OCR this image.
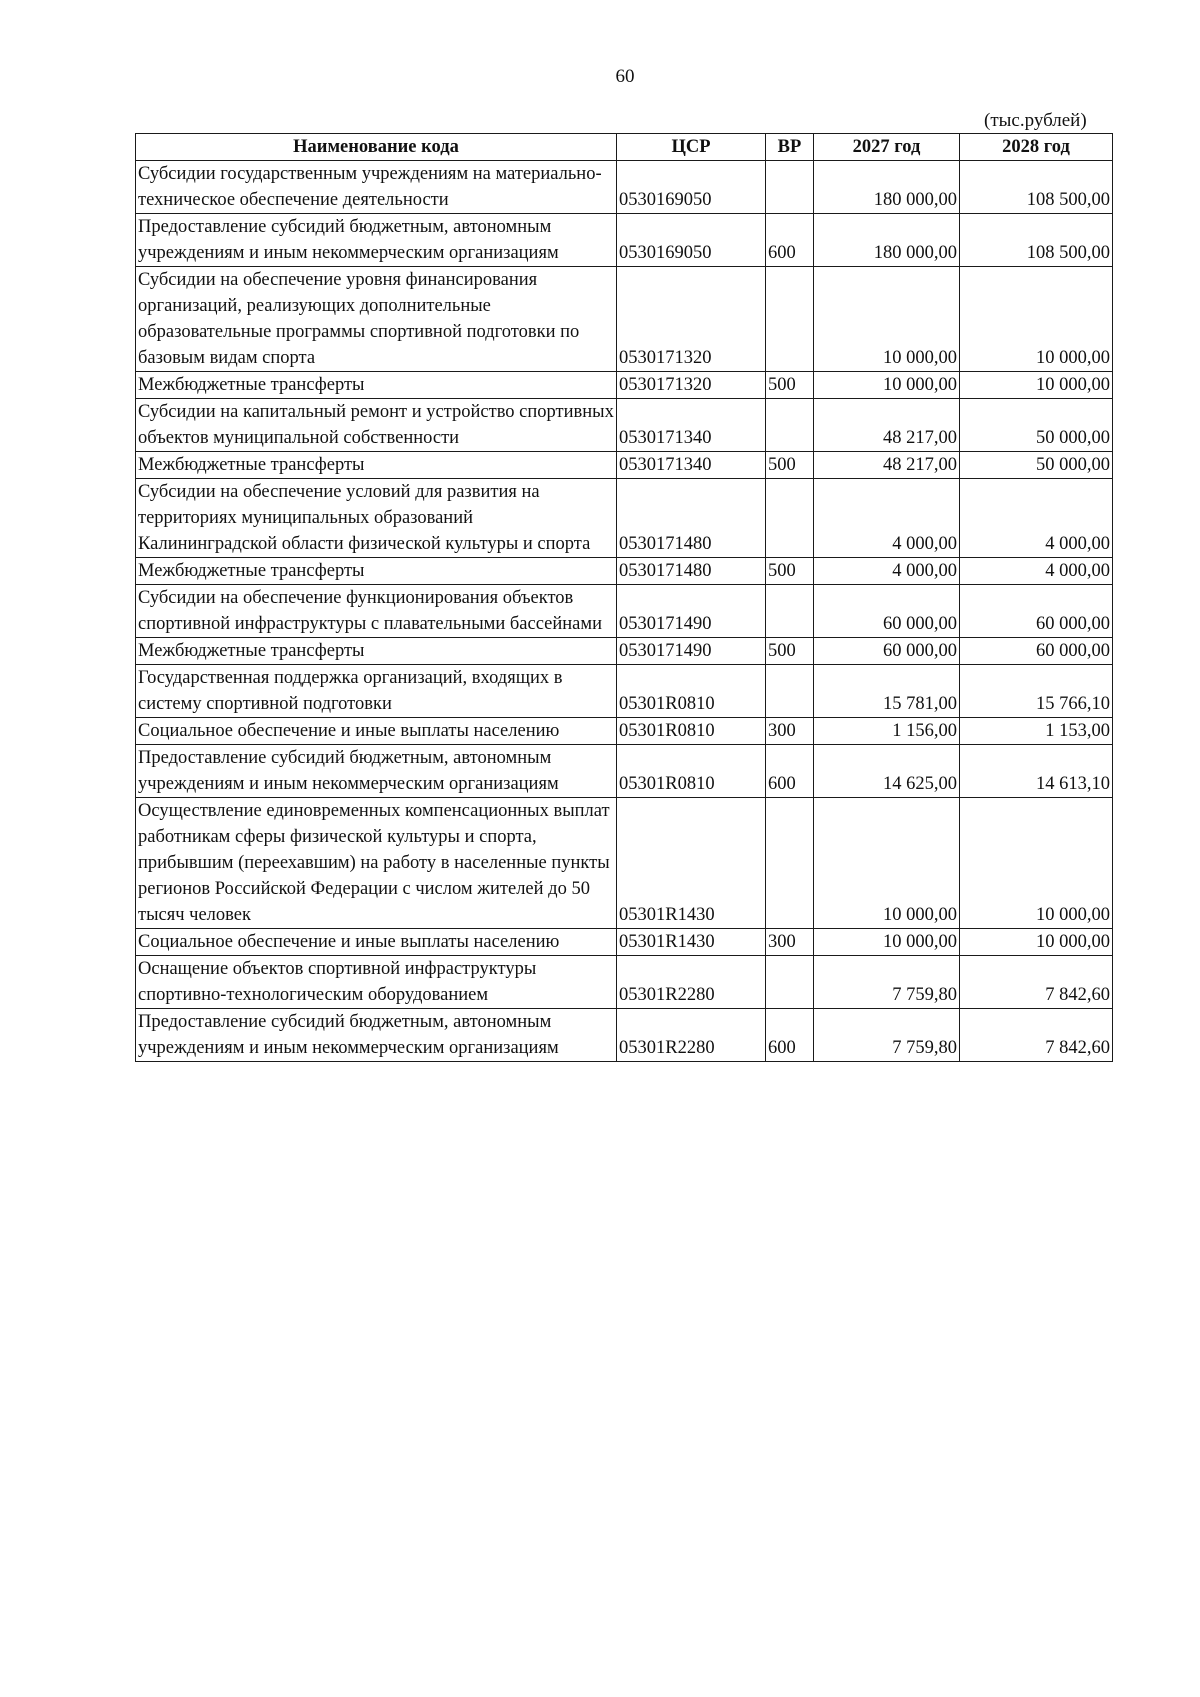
60
(тыс.рублей)
Наименование кода	ЦСР	ВР	2027 год	2028 год
Субсидии государственным учреждениям на материально-техническое обеспечение деятельности	0530169050		180 000,00	108 500,00
Предоставление субсидий бюджетным, автономным учреждениям и иным некоммерческим организациям	0530169050	600	180 000,00	108 500,00
Субсидии на обеспечение уровня финансирования организаций, реализующих дополнительные образовательные программы спортивной подготовки по базовым видам спорта	0530171320		10 000,00	10 000,00
Межбюджетные трансферты	0530171320	500	10 000,00	10 000,00
Субсидии на капитальный ремонт и устройство спортивных объектов муниципальной собственности	0530171340		48 217,00	50 000,00
Межбюджетные трансферты	0530171340	500	48 217,00	50 000,00
Субсидии на обеспечение условий для развития на территориях муниципальных образований Калининградской области физической культуры и спорта	0530171480		4 000,00	4 000,00
Межбюджетные трансферты	0530171480	500	4 000,00	4 000,00
Субсидии на обеспечение функционирования объектов спортивной инфраструктуры с плавательными бассейнами	0530171490		60 000,00	60 000,00
Межбюджетные трансферты	0530171490	500	60 000,00	60 000,00
Государственная поддержка организаций, входящих в систему спортивной подготовки	05301R0810		15 781,00	15 766,10
Социальное обеспечение и иные выплаты населению	05301R0810	300	1 156,00	1 153,00
Предоставление субсидий бюджетным, автономным учреждениям и иным некоммерческим организациям	05301R0810	600	14 625,00	14 613,10
Осуществление единовременных компенсационных выплат работникам сферы физической культуры и спорта, прибывшим (переехавшим) на работу в населенные пункты регионов Российской Федерации с числом жителей до 50 тысяч человек	05301R1430		10 000,00	10 000,00
Социальное обеспечение и иные выплаты населению	05301R1430	300	10 000,00	10 000,00
Оснащение объектов спортивной инфраструктуры спортивно-технологическим оборудованием	05301R2280		7 759,80	7 842,60
Предоставление субсидий бюджетным, автономным учреждениям и иным некоммерческим организациям	05301R2280	600	7 759,80	7 842,60
